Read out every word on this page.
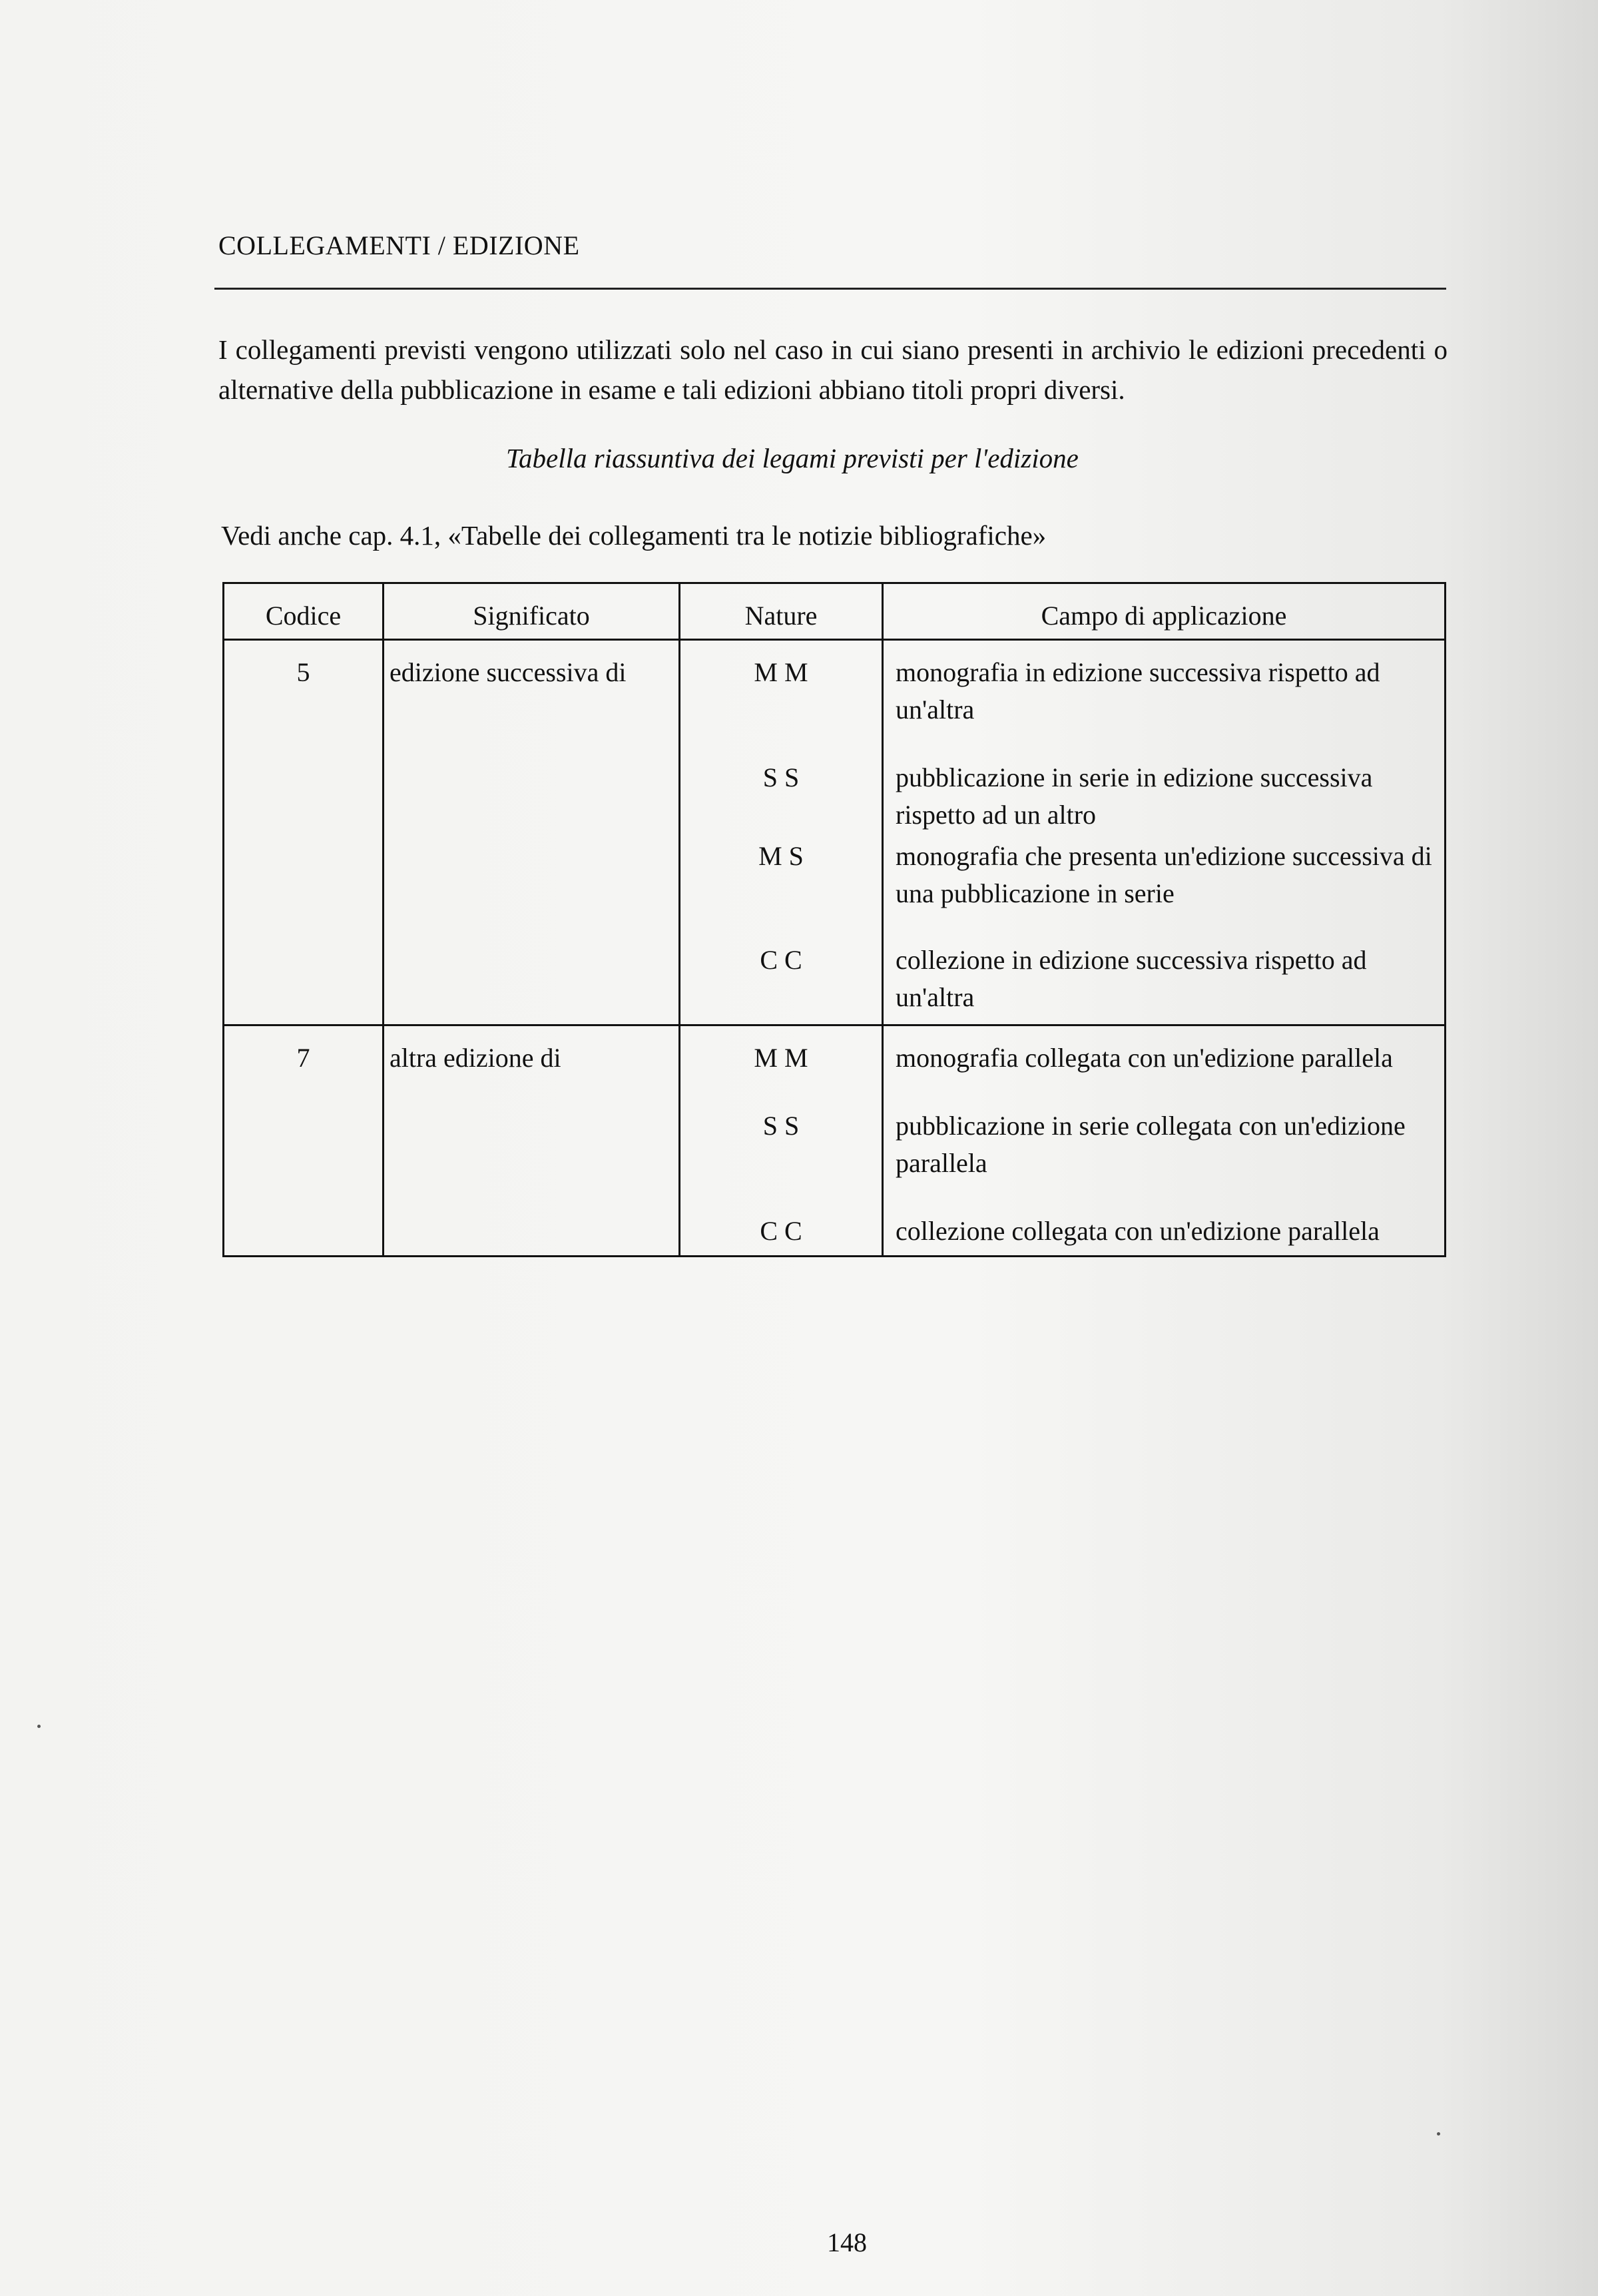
COLLEGAMENTI / EDIZIONE

I collegamenti previsti vengono utilizzati solo nel caso in cui siano presenti in archivio le edizioni precedenti o alternative della pubblicazione in esame e tali edizioni abbiano titoli propri diversi.

Tabella riassuntiva dei legami previsti per l'edizione
Vedi anche cap. 4.1, «Tabelle dei collegamenti tra le notizie bibliografiche»
Codice	Significato	Nature	Campo di applicazione
5	edizione successiva di	M M	monografia in edizione successiva rispetto ad un'altra
		S S	pubblicazione in serie in edizione successiva rispetto ad un altro
		M S	monografia che presenta un'edizione successiva di una pubblicazione in serie
		C C	collezione in edizione successiva rispetto ad un'altra
7	altra edizione di	M M	monografia collegata con un'edizione parallela
		S S	pubblicazione in serie collegata con un'edizione parallela
		C C	collezione collegata con un'edizione parallela
148
